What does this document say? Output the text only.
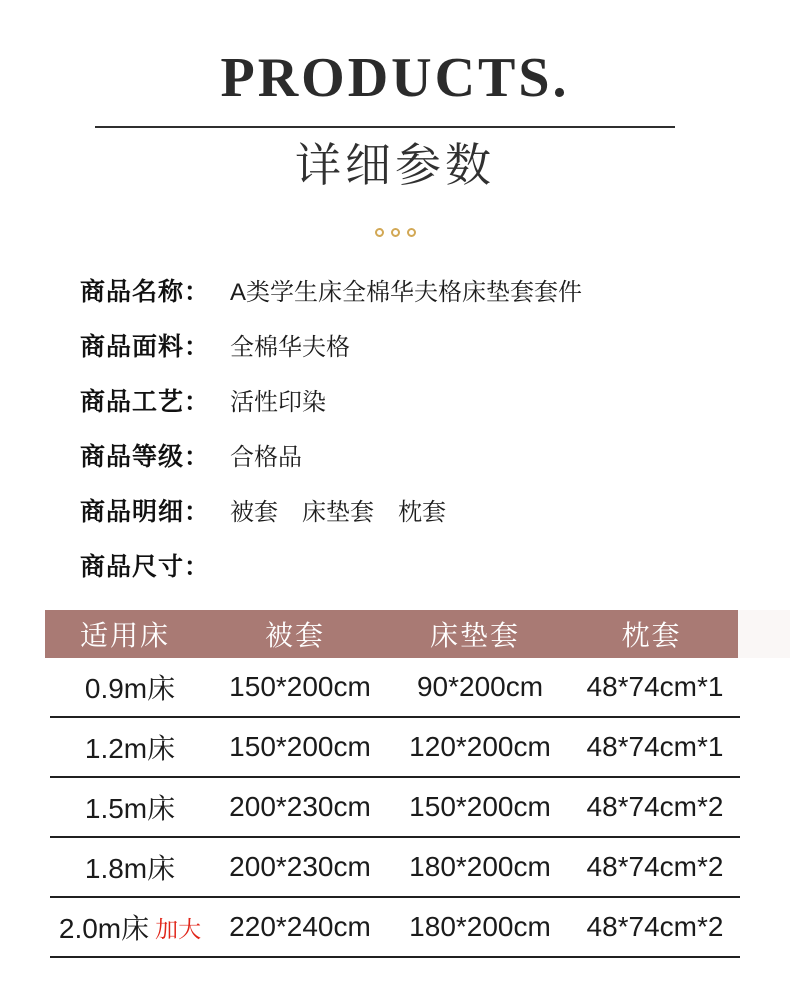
PRODUCTS.
详细参数
商品名称： A类学生床全棉华夫格床垫套套件
商品面料： 全棉华夫格
商品工艺： 活性印染
商品等级： 合格品
商品明细： 被套　床垫套　枕套
商品尺寸：
适用床	被套	床垫套	枕套
0.9m床	150*200cm	90*200cm	48*74cm*1
1.2m床	150*200cm	120*200cm	48*74cm*1
1.5m床	200*230cm	150*200cm	48*74cm*2
1.8m床	200*230cm	180*200cm	48*74cm*2
2.0m床 加大	220*240cm	180*200cm	48*74cm*2
